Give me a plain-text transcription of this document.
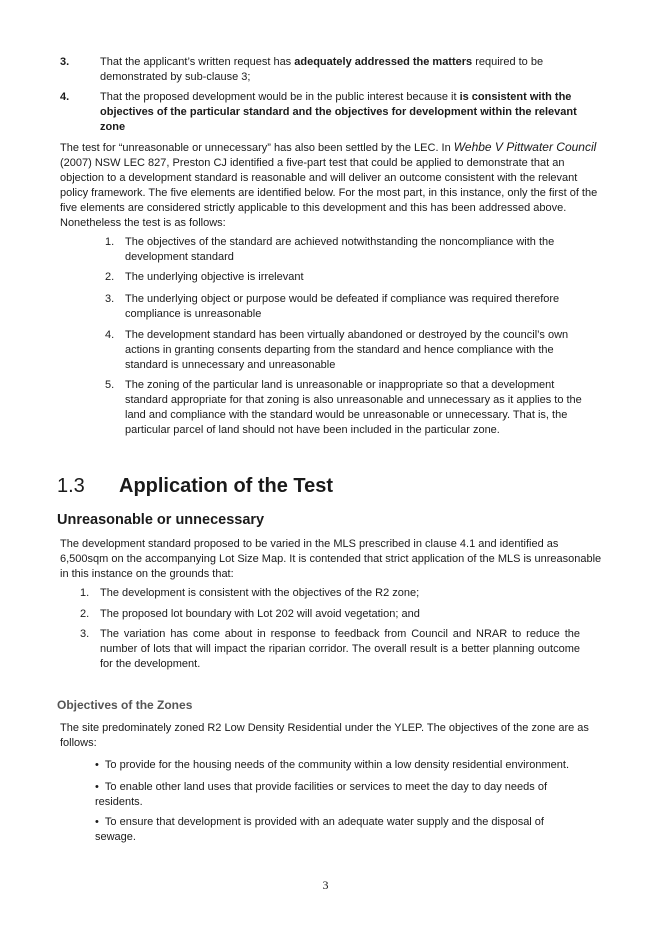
3.	That the applicant’s written request has adequately addressed the matters required to be demonstrated by sub-clause 3;
4.	That the proposed development would be in the public interest because it is consistent with the objectives of the particular standard and the objectives for development within the relevant zone

The test for “unreasonable or unnecessary” has also been settled by the LEC. In Wehbe V Pittwater Council (2007) NSW LEC 827, Preston CJ identified a five-part test that could be applied to demonstrate that an objection to a development standard is reasonable and will deliver an outcome consistent with the relevant policy framework. The five elements are identified below. For the most part, in this instance, only the first of the five elements are considered strictly applicable to this development and this has been addressed above. Nonetheless the test is as follows:

1. The objectives of the standard are achieved notwithstanding the noncompliance with the development standard
2. The underlying objective is irrelevant
3. The underlying object or purpose would be defeated if compliance was required therefore compliance is unreasonable
4. The development standard has been virtually abandoned or destroyed by the council’s own actions in granting consents departing from the standard and hence compliance with the standard is unnecessary and unreasonable
5. The zoning of the particular land is unreasonable or inappropriate so that a development standard appropriate for that zoning is also unreasonable and unnecessary as it applies to the land and compliance with the standard would be unreasonable or unnecessary. That is, the particular parcel of land should not have been included in the particular zone.
1.3 Application of the Test
Unreasonable or unnecessary

The development standard proposed to be varied in the MLS prescribed in clause 4.1 and identified as 6,500sqm on the accompanying Lot Size Map. It is contended that strict application of the MLS is unreasonable in this instance on the grounds that:

1. The development is consistent with the objectives of the R2 zone;
2. The proposed lot boundary with Lot 202 will avoid vegetation; and
3. The variation has come about in response to feedback from Council and NRAR to reduce the number of lots that will impact the riparian corridor. The overall result is a better planning outcome for the development.
Objectives of the Zones

The site predominately zoned R2 Low Density Residential under the YLEP. The objectives of the zone are as follows:

• To provide for the housing needs of the community within a low density residential environment.
• To enable other land uses that provide facilities or services to meet the day to day needs of residents.
• To ensure that development is provided with an adequate water supply and the disposal of sewage.
3
